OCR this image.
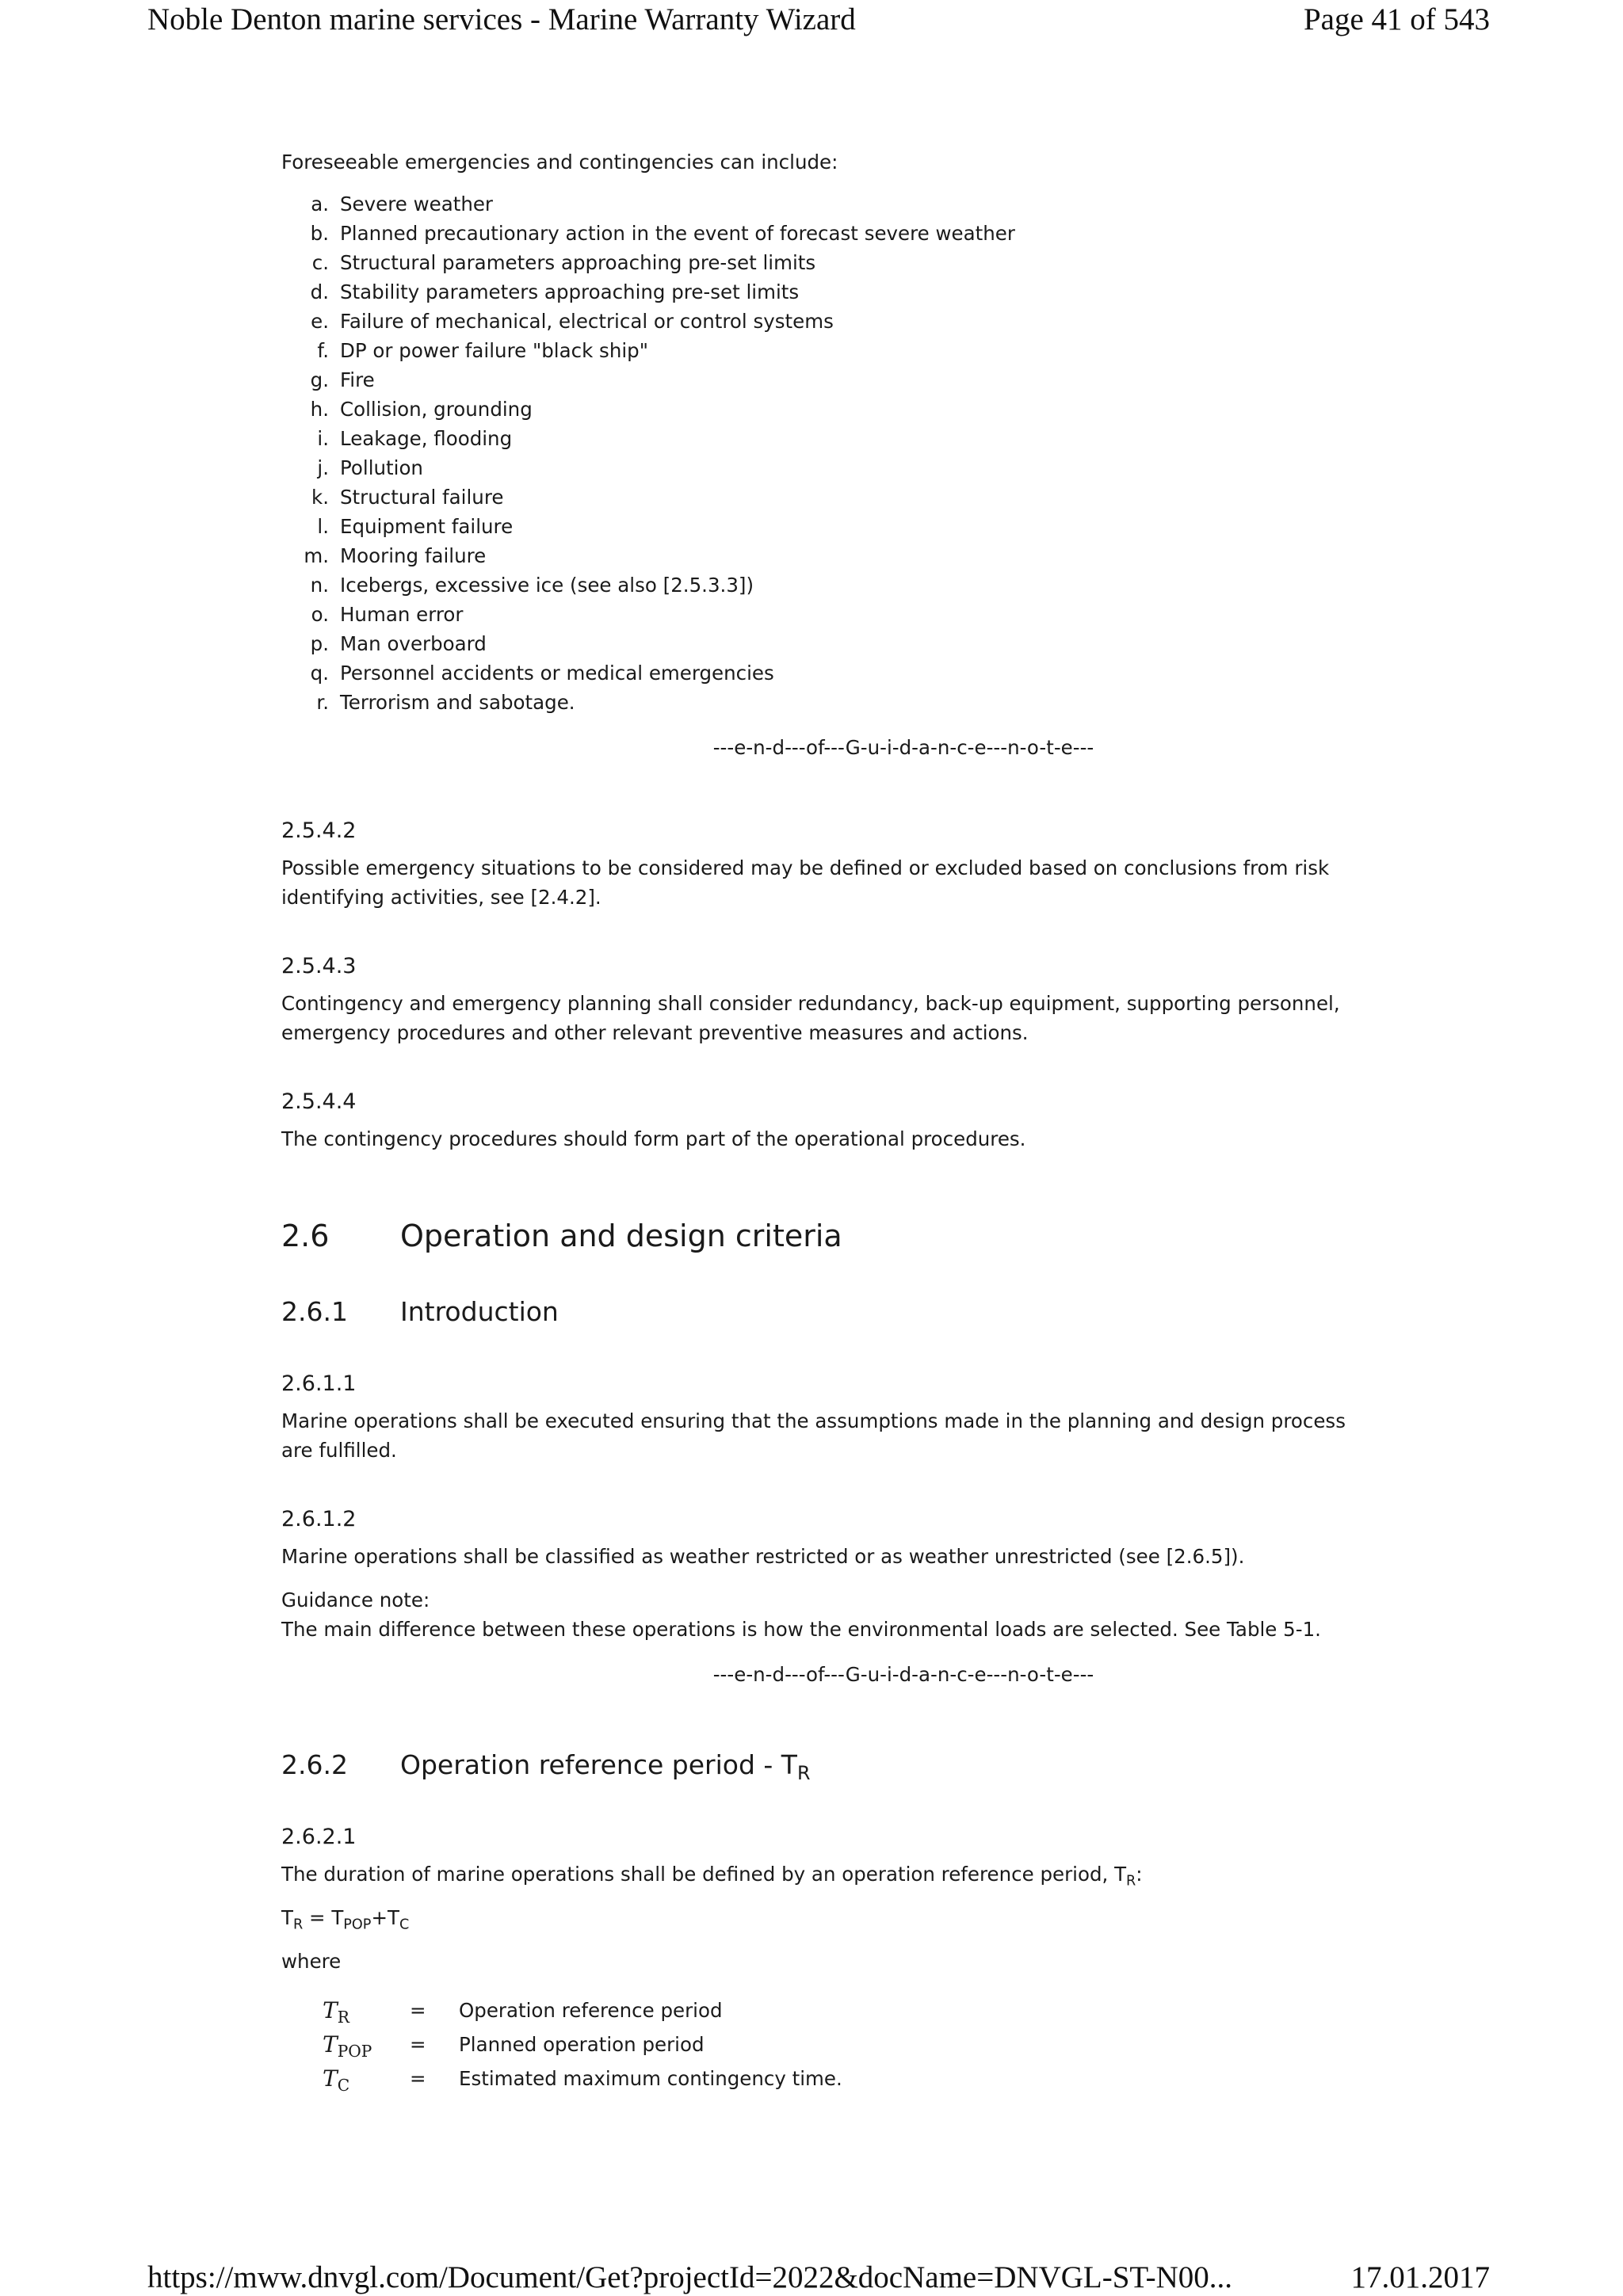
Noble Denton marine services - Marine Warranty Wizard	Page 41 of 543

Foreseeable emergencies and contingencies can include:

a. Severe weather
b. Planned precautionary action in the event of forecast severe weather
c. Structural parameters approaching pre-set limits
d. Stability parameters approaching pre-set limits
e. Failure of mechanical, electrical or control systems
f. DP or power failure "black ship"
g. Fire
h. Collision, grounding
i. Leakage, flooding
j. Pollution
k. Structural failure
l. Equipment failure
m. Mooring failure
n. Icebergs, excessive ice (see also [2.5.3.3])
o. Human error
p. Man overboard
q. Personnel accidents or medical emergencies
r. Terrorism and sabotage.

---e-n-d---of---G-u-i-d-a-n-c-e---n-o-t-e---

2.5.4.2

Possible emergency situations to be considered may be defined or excluded based on conclusions from risk identifying activities, see [2.4.2].

2.5.4.3

Contingency and emergency planning shall consider redundancy, back-up equipment, supporting personnel, emergency procedures and other relevant preventive measures and actions.

2.5.4.4

The contingency procedures should form part of the operational procedures.

2.6	Operation and design criteria
2.6.1	Introduction

2.6.1.1

Marine operations shall be executed ensuring that the assumptions made in the planning and design process are fulfilled.

2.6.1.2

Marine operations shall be classified as weather restricted or as weather unrestricted (see [2.6.5]).

Guidance note:

The main difference between these operations is how the environmental loads are selected. See Table 5-1.

---e-n-d---of---G-u-i-d-a-n-c-e---n-o-t-e---

2.6.2	Operation reference period - $T_R$

2.6.2.1

The duration of marine operations shall be defined by an operation reference period, $T_R$:

$T_R = T_{POP}+T_C$

where

$T_R$	=	Operation reference period
$T_{POP}$	=	Planned operation period
$T_C$	=	Estimated maximum contingency time.
https://mww.dnvgl.com/Document/Get?projectId=2022&docName=DNVGL-ST-N00...	17.01.2017
